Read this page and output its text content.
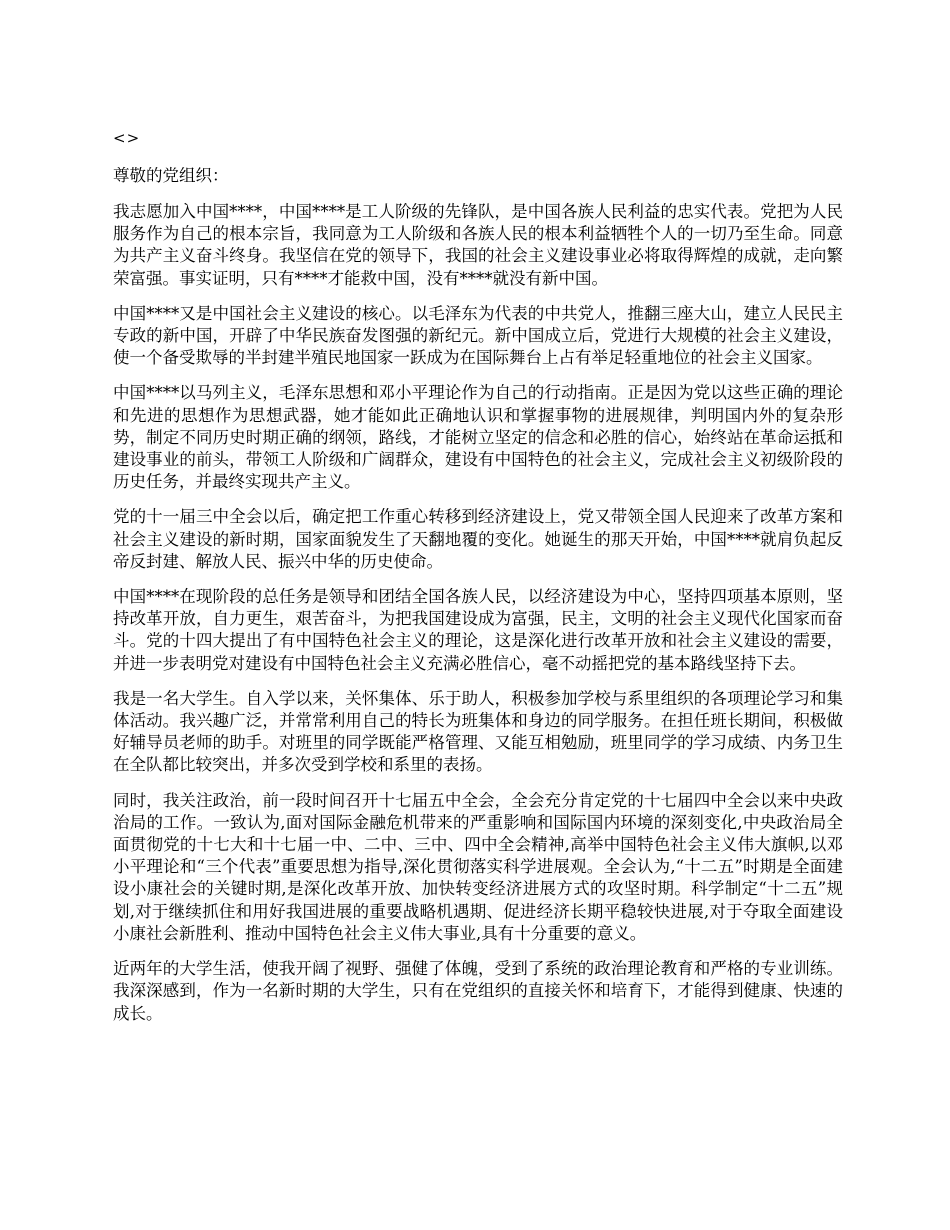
<>
尊敬的党组织：

我志愿加入中国****，中国****是工人阶级的先锋队，是中国各族人民利益的忠实代表。党把为人民服务作为自己的根本宗旨，我同意为工人阶级和各族人民的根本利益牺牲个人的一切乃至生命。同意为共产主义奋斗终身。我坚信在党的领导下，我国的社会主义建设事业必将取得辉煌的成就，走向繁荣富强。事实证明，只有****才能救中国，没有****就没有新中国。

中国****又是中国社会主义建设的核心。以毛泽东为代表的中共党人，推翻三座大山，建立人民民主专政的新中国，开辟了中华民族奋发图强的新纪元。新中国成立后，党进行大规模的社会主义建设，使一个备受欺辱的半封建半殖民地国家一跃成为在国际舞台上占有举足轻重地位的社会主义国家。

中国****以马列主义，毛泽东思想和邓小平理论作为自己的行动指南。正是因为党以这些正确的理论和先进的思想作为思想武器，她才能如此正确地认识和掌握事物的进展规律，判明国内外的复杂形势，制定不同历史时期正确的纲领，路线，才能树立坚定的信念和必胜的信心，始终站在革命运抵和建设事业的前头，带领工人阶级和广阔群众，建设有中国特色的社会主义，完成社会主义初级阶段的历史任务，并最终实现共产主义。

党的十一届三中全会以后，确定把工作重心转移到经济建设上，党又带领全国人民迎来了改革方案和社会主义建设的新时期，国家面貌发生了天翻地覆的变化。她诞生的那天开始，中国****就肩负起反帝反封建、解放人民、振兴中华的历史使命。

中国****在现阶段的总任务是领导和团结全国各族人民，以经济建设为中心，坚持四项基本原则，坚持改革开放，自力更生，艰苦奋斗，为把我国建设成为富强，民主，文明的社会主义现代化国家而奋斗。党的十四大提出了有中国特色社会主义的理论，这是深化进行改革开放和社会主义建设的需要，并进一步表明党对建设有中国特色社会主义充满必胜信心，毫不动摇把党的基本路线坚持下去。

我是一名大学生。自入学以来，关怀集体、乐于助人，积极参加学校与系里组织的各项理论学习和集体活动。我兴趣广泛，并常常利用自己的特长为班集体和身边的同学服务。在担任班长期间，积极做好辅导员老师的助手。对班里的同学既能严格管理、又能互相勉励，班里同学的学习成绩、内务卫生在全队都比较突出，并多次受到学校和系里的表扬。

同时，我关注政治，前一段时间召开十七届五中全会，全会充分肯定党的十七届四中全会以来中央政治局的工作。一致认为,面对国际金融危机带来的严重影响和国际国内环境的深刻变化,中央政治局全面贯彻党的十七大和十七届一中、二中、三中、四中全会精神,高举中国特色社会主义伟大旗帜,以邓小平理论和“三个代表”重要思想为指导,深化贯彻落实科学进展观。全会认为,“十二五”时期是全面建设小康社会的关键时期,是深化改革开放、加快转变经济进展方式的攻坚时期。科学制定“十二五”规划,对于继续抓住和用好我国进展的重要战略机遇期、促进经济长期平稳较快进展,对于夺取全面建设小康社会新胜利、推动中国特色社会主义伟大事业,具有十分重要的意义。

近两年的大学生活，使我开阔了视野、强健了体魄，受到了系统的政治理论教育和严格的专业训练。我深深感到，作为一名新时期的大学生，只有在党组织的直接关怀和培育下，才能得到健康、快速的成长。
